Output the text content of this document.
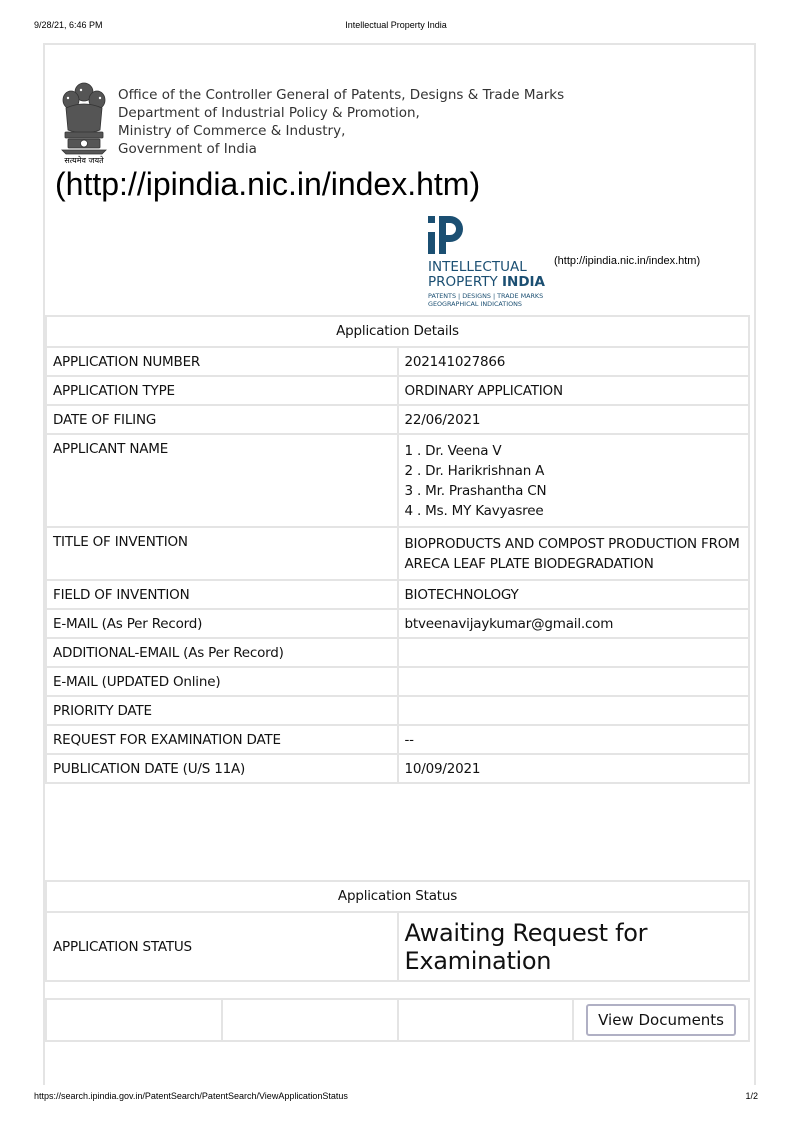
9/28/21, 6:46 PM	Intellectual Property India
सत्यमेव जयते
Office of the Controller General of Patents, Designs & Trade Marks
Department of Industrial Policy & Promotion,
Ministry of Commerce & Industry,
Government of India
(http://ipindia.nic.in/index.htm)
INTELLECTUAL
PROPERTY INDIA
PATENTS | DESIGNS | TRADE MARKS
GEOGRAPHICAL INDICATIONS
(http://ipindia.nic.in/index.htm)
Application Details	
APPLICATION NUMBER	202141027866
APPLICATION TYPE	ORDINARY APPLICATION
DATE OF FILING	22/06/2021
APPLICANT NAME	1 . Dr. Veena V
2 . Dr. Harikrishnan A
3 . Mr. Prashantha CN
4 . Ms. MY Kavyasree

TITLE OF INVENTION	BIOPRODUCTS AND COMPOST PRODUCTION FROM ARECA LEAF PLATE BIODEGRADATION
FIELD OF INVENTION	BIOTECHNOLOGY
E-MAIL (As Per Record)	btveenavijaykumar@gmail.com
ADDITIONAL-EMAIL (As Per Record)	
E-MAIL (UPDATED Online)	
PRIORITY DATE	
REQUEST FOR EXAMINATION DATE	--
PUBLICATION DATE (U/S 11A)	10/09/2021
Application Status
APPLICATION STATUS	Awaiting Request for Examination

View Documents
https://search.ipindia.gov.in/PatentSearch/PatentSearch/ViewApplicationStatus	1/2
